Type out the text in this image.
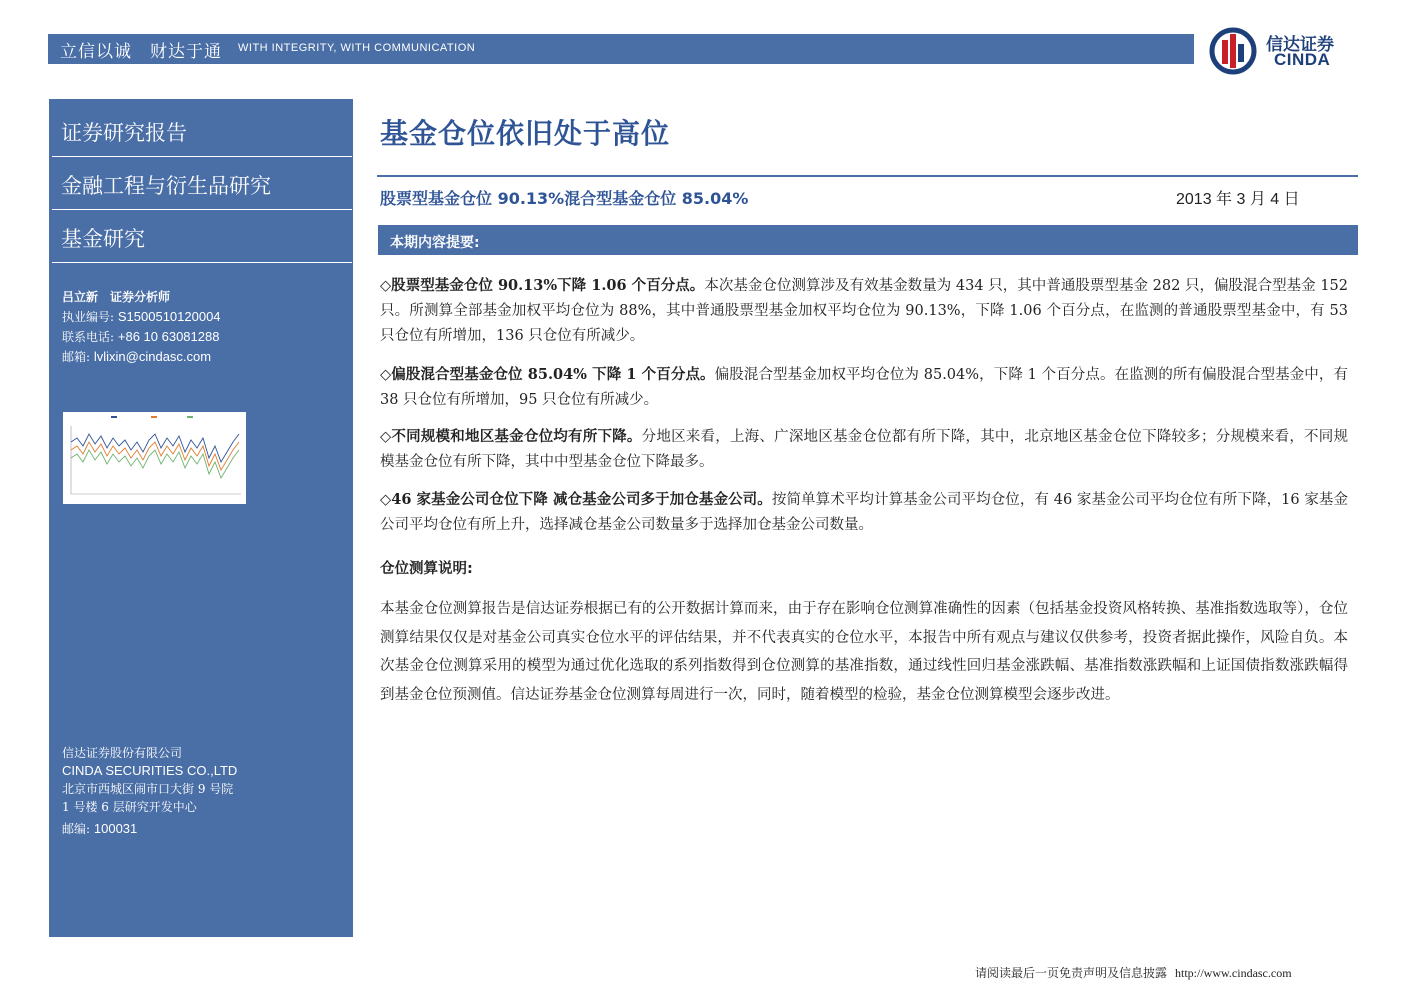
立信以诚　财达于通 WITH INTEGRITY, WITH COMMUNICATION	信达证券
CINDA
证券研究报告
金融工程与衍生品研究
基金研究
吕立新　证券分析师
执业编号: S1500510120004
联系电话: +86 10 63081288
邮箱: lvlixin@cindasc.com
信达证券股份有限公司
CINDA SECURITIES CO.,LTD
北京市西城区闹市口大街 9 号院
1 号楼 6 层研究开发中心
邮编: 100031
基金仓位依旧处于高位
股票型基金仓位 90.13%混合型基金仓位 85.04%	2013 年 3 月 4 日
本期内容提要:
◇股票型基金仓位 90.13%下降 1.06 个百分点。本次基金仓位测算涉及有效基金数量为 434 只，其中普通股票型基金 282 只，偏股混合型基金 152 只。所测算全部基金加权平均仓位为 88%，其中普通股票型基金加权平均仓位为 90.13%，下降 1.06 个百分点，在监测的普通股票型基金中，有 53 只仓位有所增加，136 只仓位有所减少。
◇偏股混合型基金仓位 85.04% 下降 1 个百分点。偏股混合型基金加权平均仓位为 85.04%，下降 1 个百分点。在监测的所有偏股混合型基金中，有 38 只仓位有所增加，95 只仓位有所减少。
◇不同规模和地区基金仓位均有所下降。分地区来看，上海、广深地区基金仓位都有所下降，其中，北京地区基金仓位下降较多；分规模来看，不同规模基金仓位有所下降，其中中型基金仓位下降最多。
◇46 家基金公司仓位下降 减仓基金公司多于加仓基金公司。按简单算术平均计算基金公司平均仓位，有 46 家基金公司平均仓位有所下降，16 家基金公司平均仓位有所上升，选择减仓基金公司数量多于选择加仓基金公司数量。
仓位测算说明:
本基金仓位测算报告是信达证券根据已有的公开数据计算而来，由于存在影响仓位测算准确性的因素（包括基金投资风格转换、基准指数选取等），仓位测算结果仅仅是对基金公司真实仓位水平的评估结果，并不代表真实的仓位水平，本报告中所有观点与建议仅供参考，投资者据此操作，风险自负。本次基金仓位测算采用的模型为通过优化选取的系列指数得到仓位测算的基准指数，通过线性回归基金涨跌幅、基准指数涨跌幅和上证国债指数涨跌幅得到基金仓位预测值。信达证券基金仓位测算每周进行一次，同时，随着模型的检验，基金仓位测算模型会逐步改进。
请阅读最后一页免责声明及信息披露 http://www.cindasc.com
